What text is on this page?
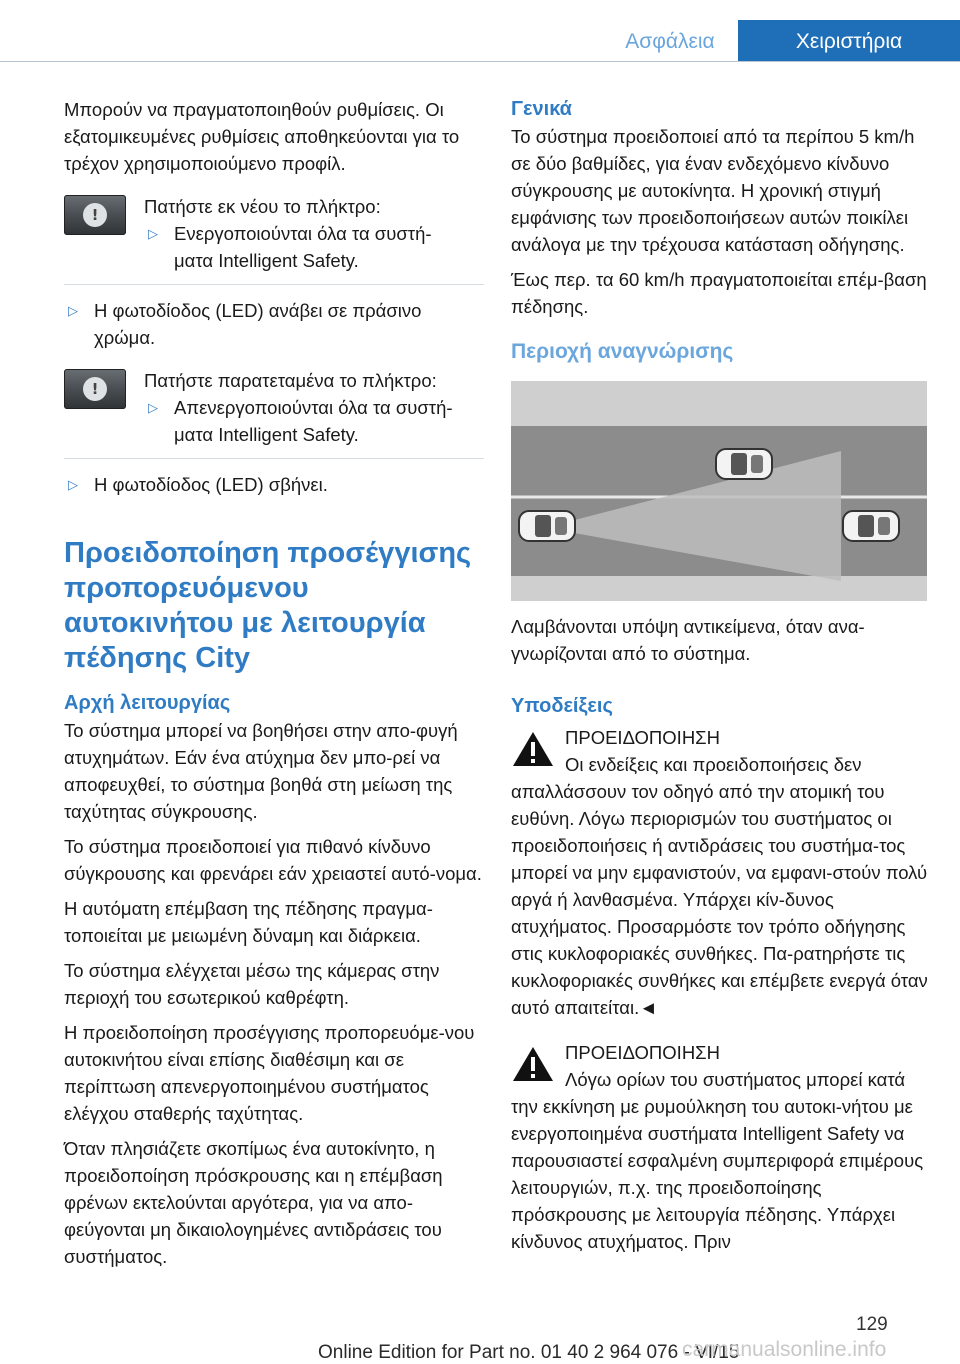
Ασφάλεια	Χειριστήρια

Μπορούν να πραγματοποιηθούν ρυθμίσεις. Οι εξατομικευμένες ρυθμίσεις αποθηκεύονται για το τρέχον χρησιμοποιούμενο προφίλ.

!

Πατήστε εκ νέου το πλήκτρο:

▷ Ενεργοποιούνται όλα τα συστή-
ματα Intelligent Safety.

▷ Η φωτοδίοδος (LED) ανάβει σε πράσινο χρώμα.

!

Πατήστε παρατεταμένα το πλήκτρο:

▷ Απενεργοποιούνται όλα τα συστή-
ματα Intelligent Safety.

▷ Η φωτοδίοδος (LED) σβήνει.

Προειδοποίηση προσέγγισης προπορευόμενου αυτοκινήτου με λειτουργία πέδησης City
Αρχή λειτουργίας

Το σύστημα μπορεί να βοηθήσει στην απο-φυγή ατυχημάτων. Εάν ένα ατύχημα δεν μπο-ρεί να αποφευχθεί, το σύστημα βοηθά στη μείωση της ταχύτητας σύγκρουσης.

Το σύστημα προειδοποιεί για πιθανό κίνδυνο σύγκρουσης και φρενάρει εάν χρειαστεί αυτό-νομα.

Η αυτόματη επέμβαση της πέδησης πραγμα-τοποιείται με μειωμένη δύναμη και διάρκεια.

Το σύστημα ελέγχεται μέσω της κάμερας στην περιοχή του εσωτερικού καθρέφτη.

Η προειδοποίηση προσέγγισης προπορευόμε-νου αυτοκινήτου είναι επίσης διαθέσιμη και σε περίπτωση απενεργοποιημένου συστήματος ελέγχου σταθερής ταχύτητας.

Όταν πλησιάζετε σκοπίμως ένα αυτοκίνητο, η προειδοποίηση πρόσκρουσης και η επέμβαση φρένων εκτελούνται αργότερα, για να απο-φεύγονται μη δικαιολογημένες αντιδράσεις του συστήματος.

Γενικά

Το σύστημα προειδοποιεί από τα περίπου 5 km/h σε δύο βαθμίδες, για έναν ενδεχόμενο κίνδυνο σύγκρουσης με αυτοκίνητα. Η χρονική στιγμή εμφάνισης των προειδοποιήσεων αυτών ποικίλει ανάλογα με την τρέχουσα κατάσταση οδήγησης.

Έως περ. τα 60 km/h πραγματοποιείται επέμ-βαση πέδησης.

Περιοχή αναγνώρισης

Λαμβάνονται υπόψη αντικείμενα, όταν ανα-γνωρίζονται από το σύστημα.

Υποδείξεις

ΠΡΟΕΙΔΟΠΟΙΗΣΗ

Οι ενδείξεις και προειδοποιήσεις δεν απαλλάσσουν τον οδηγό από την ατομική του ευθύνη. Λόγω περιορισμών του συστήματος οι προειδοποιήσεις ή αντιδράσεις του συστήμα-τος μπορεί να μην εμφανιστούν, να εμφανι-στούν πολύ αργά ή λανθασμένα. Υπάρχει κίν-δυνος ατυχήματος. Προσαρμόστε τον τρόπο οδήγησης στις κυκλοφοριακές συνθήκες. Πα-ρατηρήστε τις κυκλοφοριακές συνθήκες και επέμβετε ενεργά όταν αυτό απαιτείται.◄

ΠΡΟΕΙΔΟΠΟΙΗΣΗ

Λόγω ορίων του συστήματος μπορεί κατά την εκκίνηση με ρυμούλκηση του αυτοκι-νήτου με ενεργοποιημένα συστήματα Intelligent Safety να παρουσιαστεί εσφαλμένη συμπεριφορά επιμέρους λειτουργιών, π.χ. της προειδοποίησης πρόσκρουσης με λειτουργία πέδησης. Υπάρχει κίνδυνος ατυχήματος. Πριν

129
Online Edition for Part no. 01 40 2 964 076 - VI/15
carmanualsonline.info
